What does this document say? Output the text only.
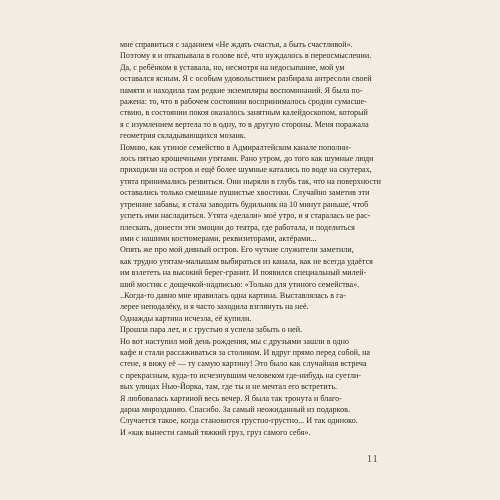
мне справиться с заданием «Не ждать счастья, а быть счастливой».
Поэтому я и откапывала в голове всё, что нуждалось в переосмыслении.
Да, с ребёнком я уставала, но, несмотря на недосыпание, мой ум
оставался ясным. Я с особым удовольствием разбирала антресоли своей
памяти и находила там редкие экземпляры воспоминаний. Я была по-
ражена: то, что в рабочем состоянии воспринималось сродни сумасше-
ствию, в состоянии покоя оказалось занятным калейдоскопом, который
я с изумлением вертела то в одну, то в другую стороны. Меня поражала
геометрия складывающихся мозаик.
Помню, как утиное семейство в Адмиралтейском канале пополни-
лось пятью крошечными утятами. Рано утром, до того как шумные люди
приходили на остров и ещё более шумные катались по воде на скутерах,
утята принимались резвиться. Они ныряли в глубь так, что на поверхности
оставались только смешные пушистые хвостики. Случайно заметив эти
утренние забавы, я стала заводить будильник на 10 минут раньше, чтоб
успеть ими насладиться. Утята «делали» моё утро, и я старалась не рас-
плескать, донести эти эмоции до театра, где работала, и поделиться
ими с нашими костюмерами, реквизиторами, актёрами...
Опять же про мой дивный остров. Его чуткие служители заметили,
как трудно утятам-малышам выбираться из канала, как не всегда удаётся
им взлететь на высокий берег-гранит. И появился специальный милей-
ший мостик с дощечкой-надписью: «Только для утиного семейства».
..Когда-то давно мне нравилась одна картина. Выставлялась в га-
лерее неподалёку, и я часто заходила взглянуть на неё.
Однажды картина исчезла, её купили.
Прошла пара лет, и с грустью я успела забыть о ней.
Но вот наступил мой день рождения, мы с друзьями зашли в одно
кафе и стали рассаживаться за столиком. И вдруг прямо перед собой, на
стене, я вижу её — ту самую картину! Это было как случайная встреча
с прекрасным, куда-то исчезнувшим человеком где-нибудь на суетли-
вых улицах Нью-Йорка, там, где ты и не мечтал его встретить.
Я любовалась картиной весь вечер. Я была так тронута и благо-
дарна мирозданию. Спасибо. За самый неожиданный из подарков.
Случается такое, когда становится грустно-грустно... И так одиноко.
И «как вынести самый тяжкий груз, груз самого себя».
11
